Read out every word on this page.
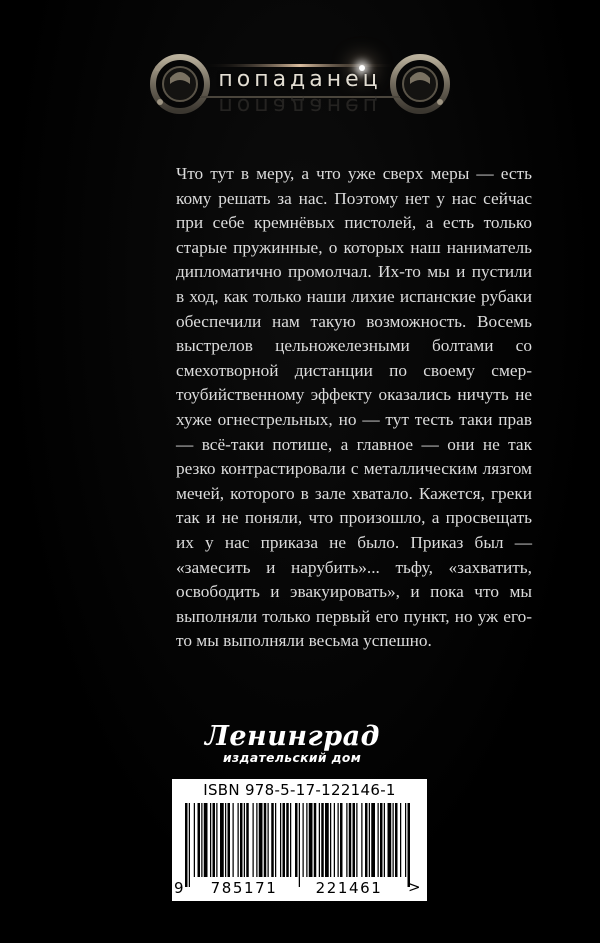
попаданец
попаданец

Что тут в меру, а что уже сверх меры — есть кому решать за нас. Поэтому нет у нас сейчас при себе кремнёвых пистолей, а есть только старые пружинные, о которых наш наниматель дипломатично промолчал. Их-то мы и пустили в ход, как только наши лихие испанские рубаки обеспечили нам такую возможность. Восемь выстрелов цельножелезными болтами со смехотворной дистанции по своему смертоубийственному эффекту оказались ничуть не хуже огнестрельных, но — тут тесть таки прав — всё-таки потише, а главное — они не так резко контрастировали с металлическим лязгом мечей, которого в зале хватало. Кажется, греки так и не поняли, что произошло, а просвещать их у нас приказа не было. Приказ был — «замесить и нарубить»... тьфу, «захватить, освободить и эвакуировать», и пока что мы выполняли только первый его пункт, но уж его-то мы выполняли весьма успешно.

Ленинград
издательский дом
ISBN 978-5-17-122146-1
9	785171	221461	>
